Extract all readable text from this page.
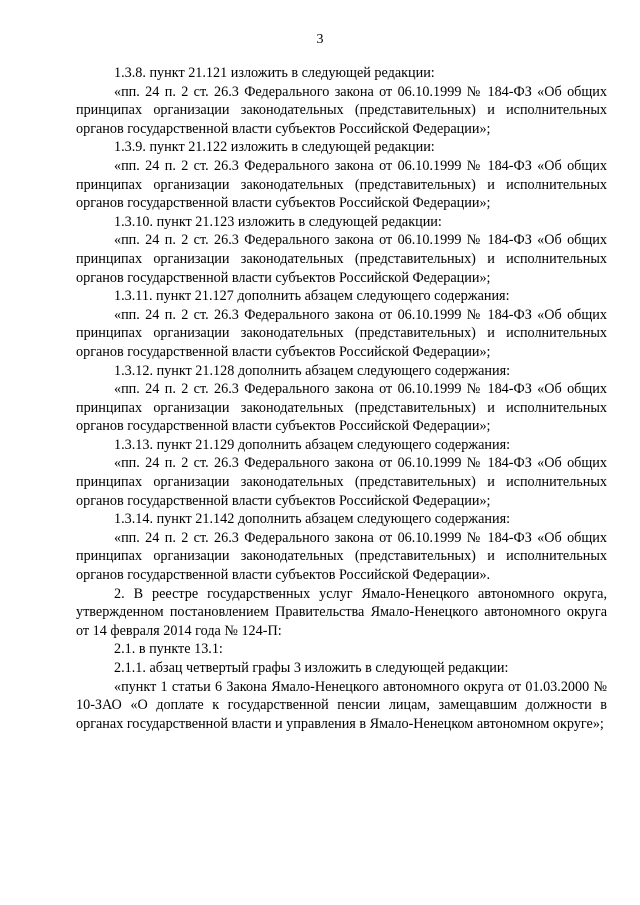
3

1.3.8. пункт 21.121 изложить в следующей редакции:

«пп. 24 п. 2 ст. 26.3 Федерального закона от 06.10.1999 № 184-ФЗ «Об общих принципах организации законодательных (представительных) и исполнительных органов государственной власти субъектов Российской Федерации»;

1.3.9. пункт 21.122 изложить в следующей редакции:

«пп. 24 п. 2 ст. 26.3 Федерального закона от 06.10.1999 № 184-ФЗ «Об общих принципах организации законодательных (представительных) и исполнительных органов государственной власти субъектов Российской Федерации»;

1.3.10. пункт 21.123 изложить в следующей редакции:

«пп. 24 п. 2 ст. 26.3 Федерального закона от 06.10.1999 № 184-ФЗ «Об общих принципах организации законодательных (представительных) и исполнительных органов государственной власти субъектов Российской Федерации»;

1.3.11. пункт 21.127 дополнить абзацем следующего содержания:

«пп. 24 п. 2 ст. 26.3 Федерального закона от 06.10.1999 № 184-ФЗ «Об общих принципах организации законодательных (представительных) и исполнительных органов государственной власти субъектов Российской Федерации»;

1.3.12. пункт 21.128 дополнить абзацем следующего содержания:

«пп. 24 п. 2 ст. 26.3 Федерального закона от 06.10.1999 № 184-ФЗ «Об общих принципах организации законодательных (представительных) и исполнительных органов государственной власти субъектов Российской Федерации»;

1.3.13. пункт 21.129 дополнить абзацем следующего содержания:

«пп. 24 п. 2 ст. 26.3 Федерального закона от 06.10.1999 № 184-ФЗ «Об общих принципах организации законодательных (представительных) и исполнительных органов государственной власти субъектов Российской Федерации»;

1.3.14. пункт 21.142 дополнить абзацем следующего содержания:

«пп. 24 п. 2 ст. 26.3 Федерального закона от 06.10.1999 № 184-ФЗ «Об общих принципах организации законодательных (представительных) и исполнительных органов государственной власти субъектов Российской Федерации».

2. В реестре государственных услуг Ямало-Ненецкого автономного округа, утвержденном постановлением Правительства Ямало-Ненецкого автономного округа от 14 февраля 2014 года № 124-П:

2.1. в пункте 13.1:

2.1.1. абзац четвертый графы 3 изложить в следующей редакции:

«пункт 1 статьи 6 Закона Ямало-Ненецкого автономного округа от 01.03.2000 № 10-ЗАО «О доплате к государственной пенсии лицам, замещавшим должности в органах государственной власти и управления в Ямало-Ненецком автономном округе»;
